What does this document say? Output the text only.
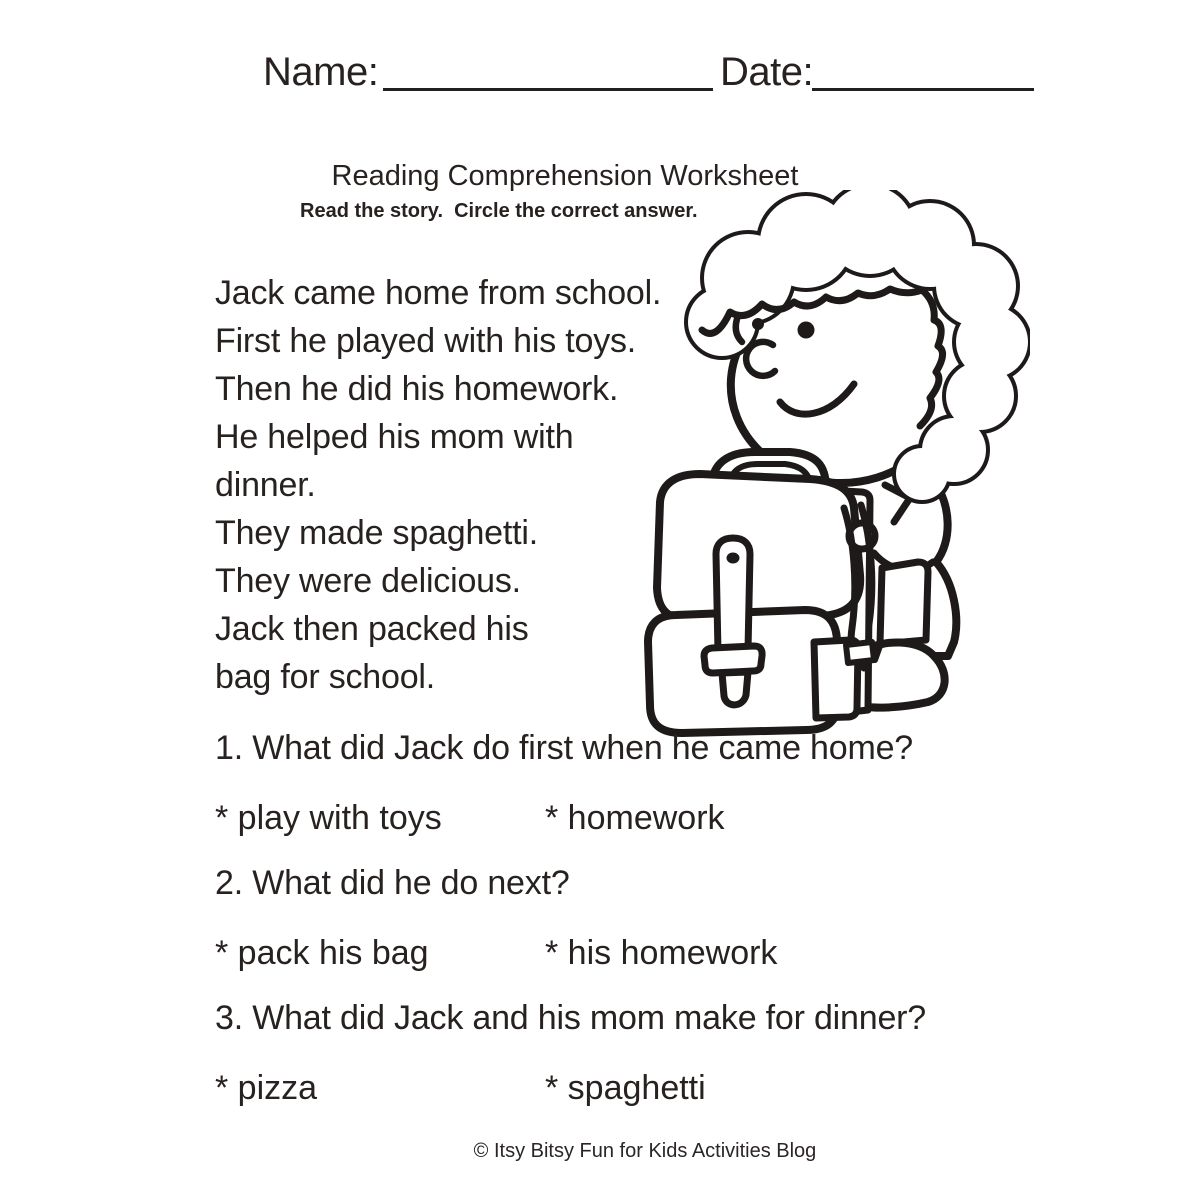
Name:	Date:
Reading Comprehension Worksheet
Read the story.  Circle the correct answer.
Jack came home from school.
First he played with his toys.
Then he did his homework.
He helped his mom with
dinner.
They made spaghetti.
They were delicious.
Jack then packed his
bag for school.
1. What did Jack do first when he came home?
* play with toys	* homework
2. What did he do next?
* pack his bag	* his homework
3. What did Jack and his mom make for dinner?
* pizza	* spaghetti
© Itsy Bitsy Fun for Kids Activities Blog
